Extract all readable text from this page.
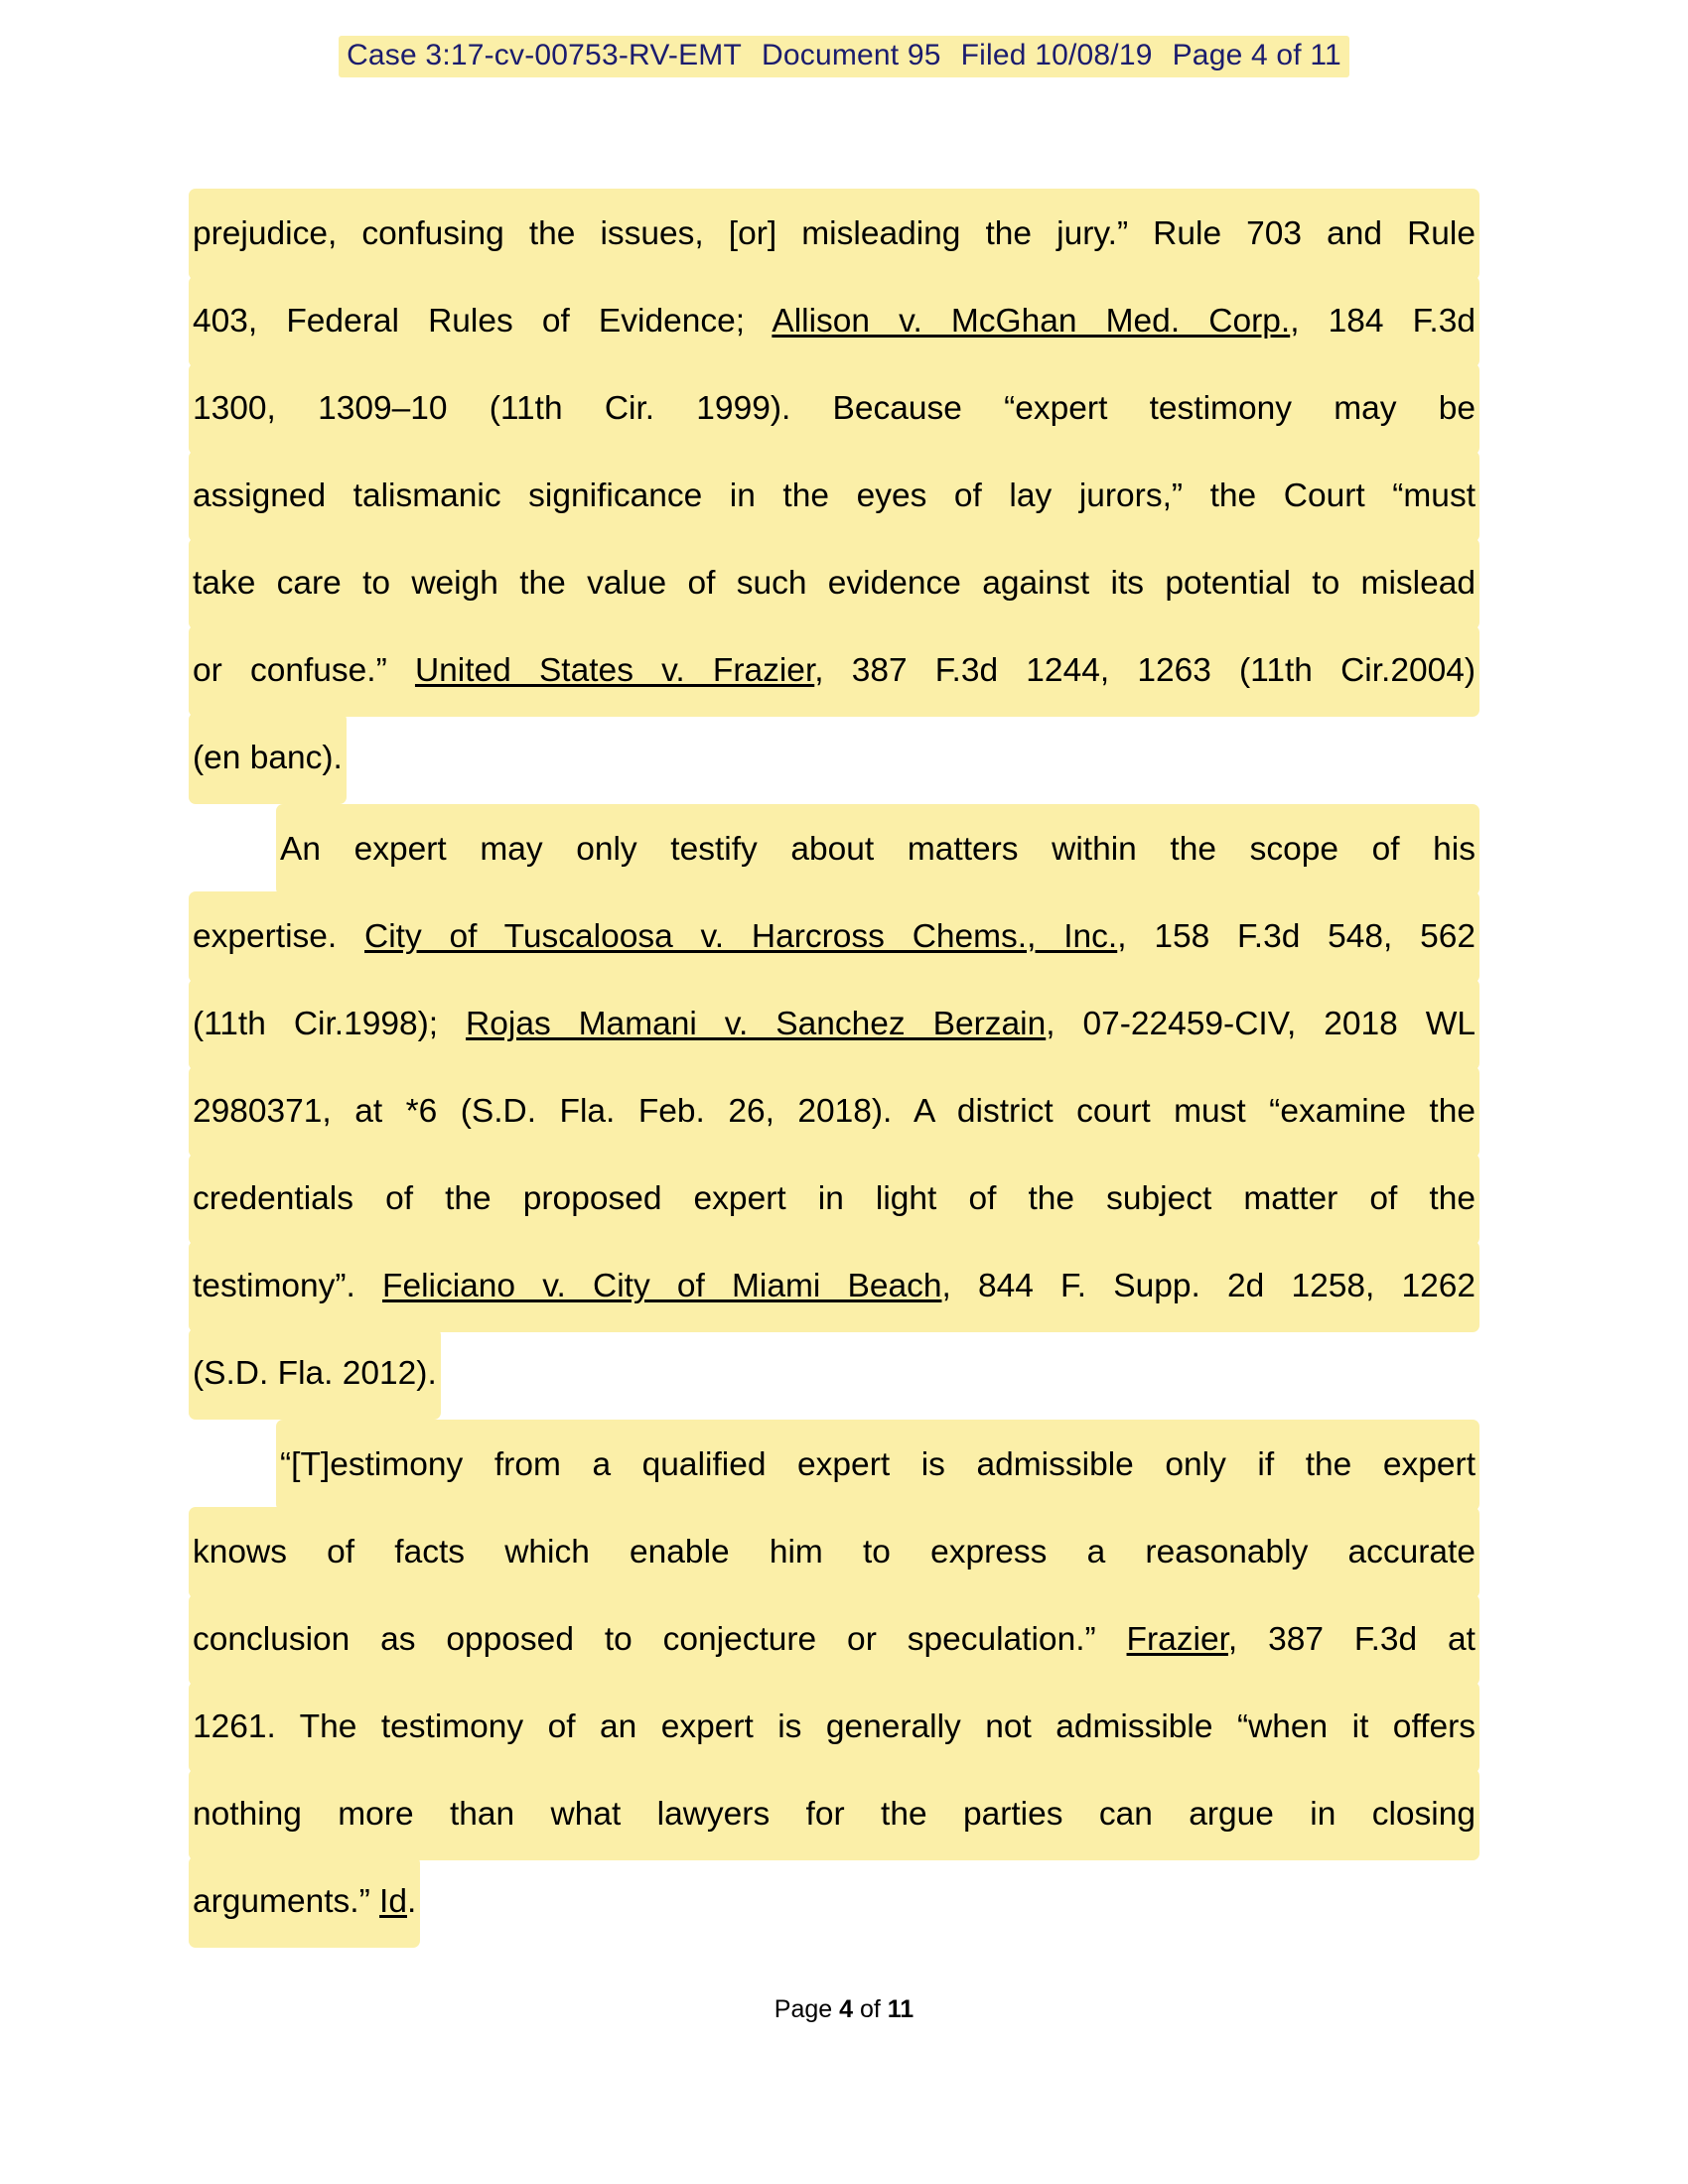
Case 3:17-cv-00753-RV-EMT Document 95 Filed 10/08/19 Page 4 of 11
prejudice, confusing the issues, [or] misleading the jury.” Rule 703 and Rule
403, Federal Rules of Evidence; Allison v. McGhan Med. Corp., 184 F.3d
1300, 1309–10 (11th Cir. 1999). Because “expert testimony may be
assigned talismanic significance in the eyes of lay jurors,” the Court “must
take care to weigh the value of such evidence against its potential to mislead
or confuse.” United States v. Frazier, 387 F.3d 1244, 1263 (11th Cir.2004)
(en banc).
An expert may only testify about matters within the scope of his
expertise. City of Tuscaloosa v. Harcross Chems., Inc., 158 F.3d 548, 562
(11th Cir.1998); Rojas Mamani v. Sanchez Berzain, 07-22459-CIV, 2018 WL
2980371, at *6 (S.D. Fla. Feb. 26, 2018). A district court must “examine the
credentials of the proposed expert in light of the subject matter of the
testimony”. Feliciano v. City of Miami Beach, 844 F. Supp. 2d 1258, 1262
(S.D. Fla. 2012).
“[T]estimony from a qualified expert is admissible only if the expert
knows of facts which enable him to express a reasonably accurate
conclusion as opposed to conjecture or speculation.” Frazier, 387 F.3d at
1261. The testimony of an expert is generally not admissible “when it offers
nothing more than what lawyers for the parties can argue in closing
arguments.” Id.
Page 4 of 11
